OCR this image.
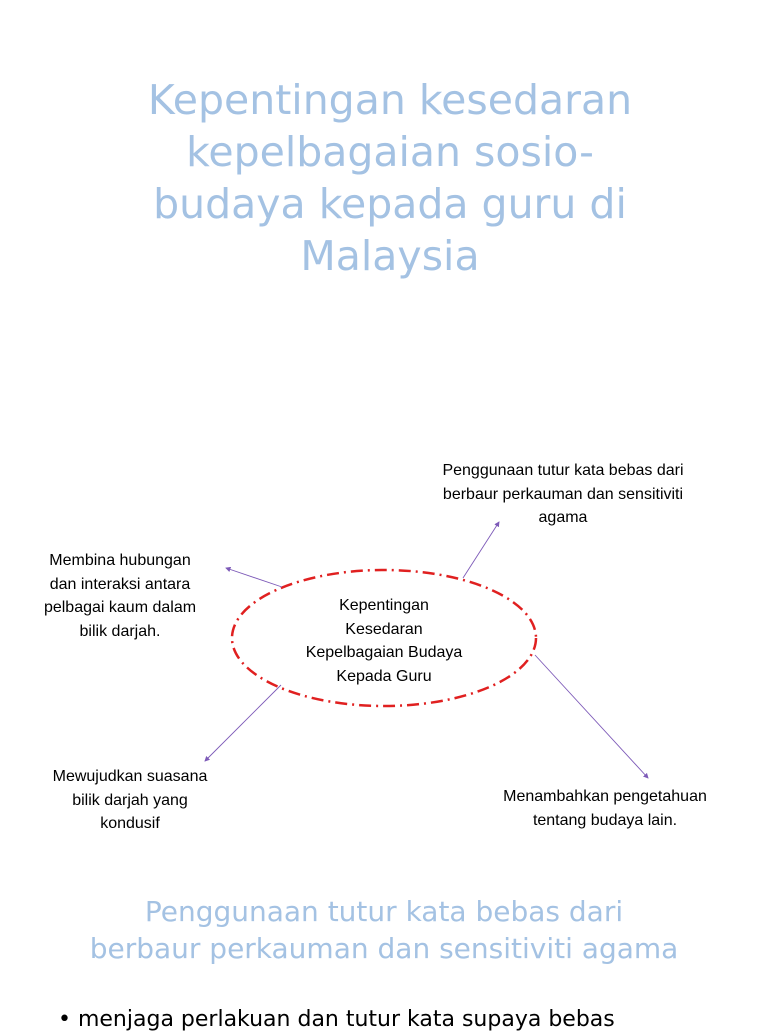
Kepentingan kesedaran
kepelbagaian sosio-
budaya kepada guru di
Malaysia
Kepentingan
Kesedaran
Kepelbagaian Budaya
Kepada Guru
Penggunaan tutur kata bebas dari
berbaur perkauman dan sensitiviti
agama
Membina hubungan
dan interaksi antara
pelbagai kaum dalam
bilik darjah.
Mewujudkan suasana
bilik darjah yang
kondusif
Menambahkan pengetahuan
tentang budaya lain.
Penggunaan tutur kata bebas dari
berbaur perkauman dan sensitiviti agama
• menjaga perlakuan dan tutur kata supaya bebas
